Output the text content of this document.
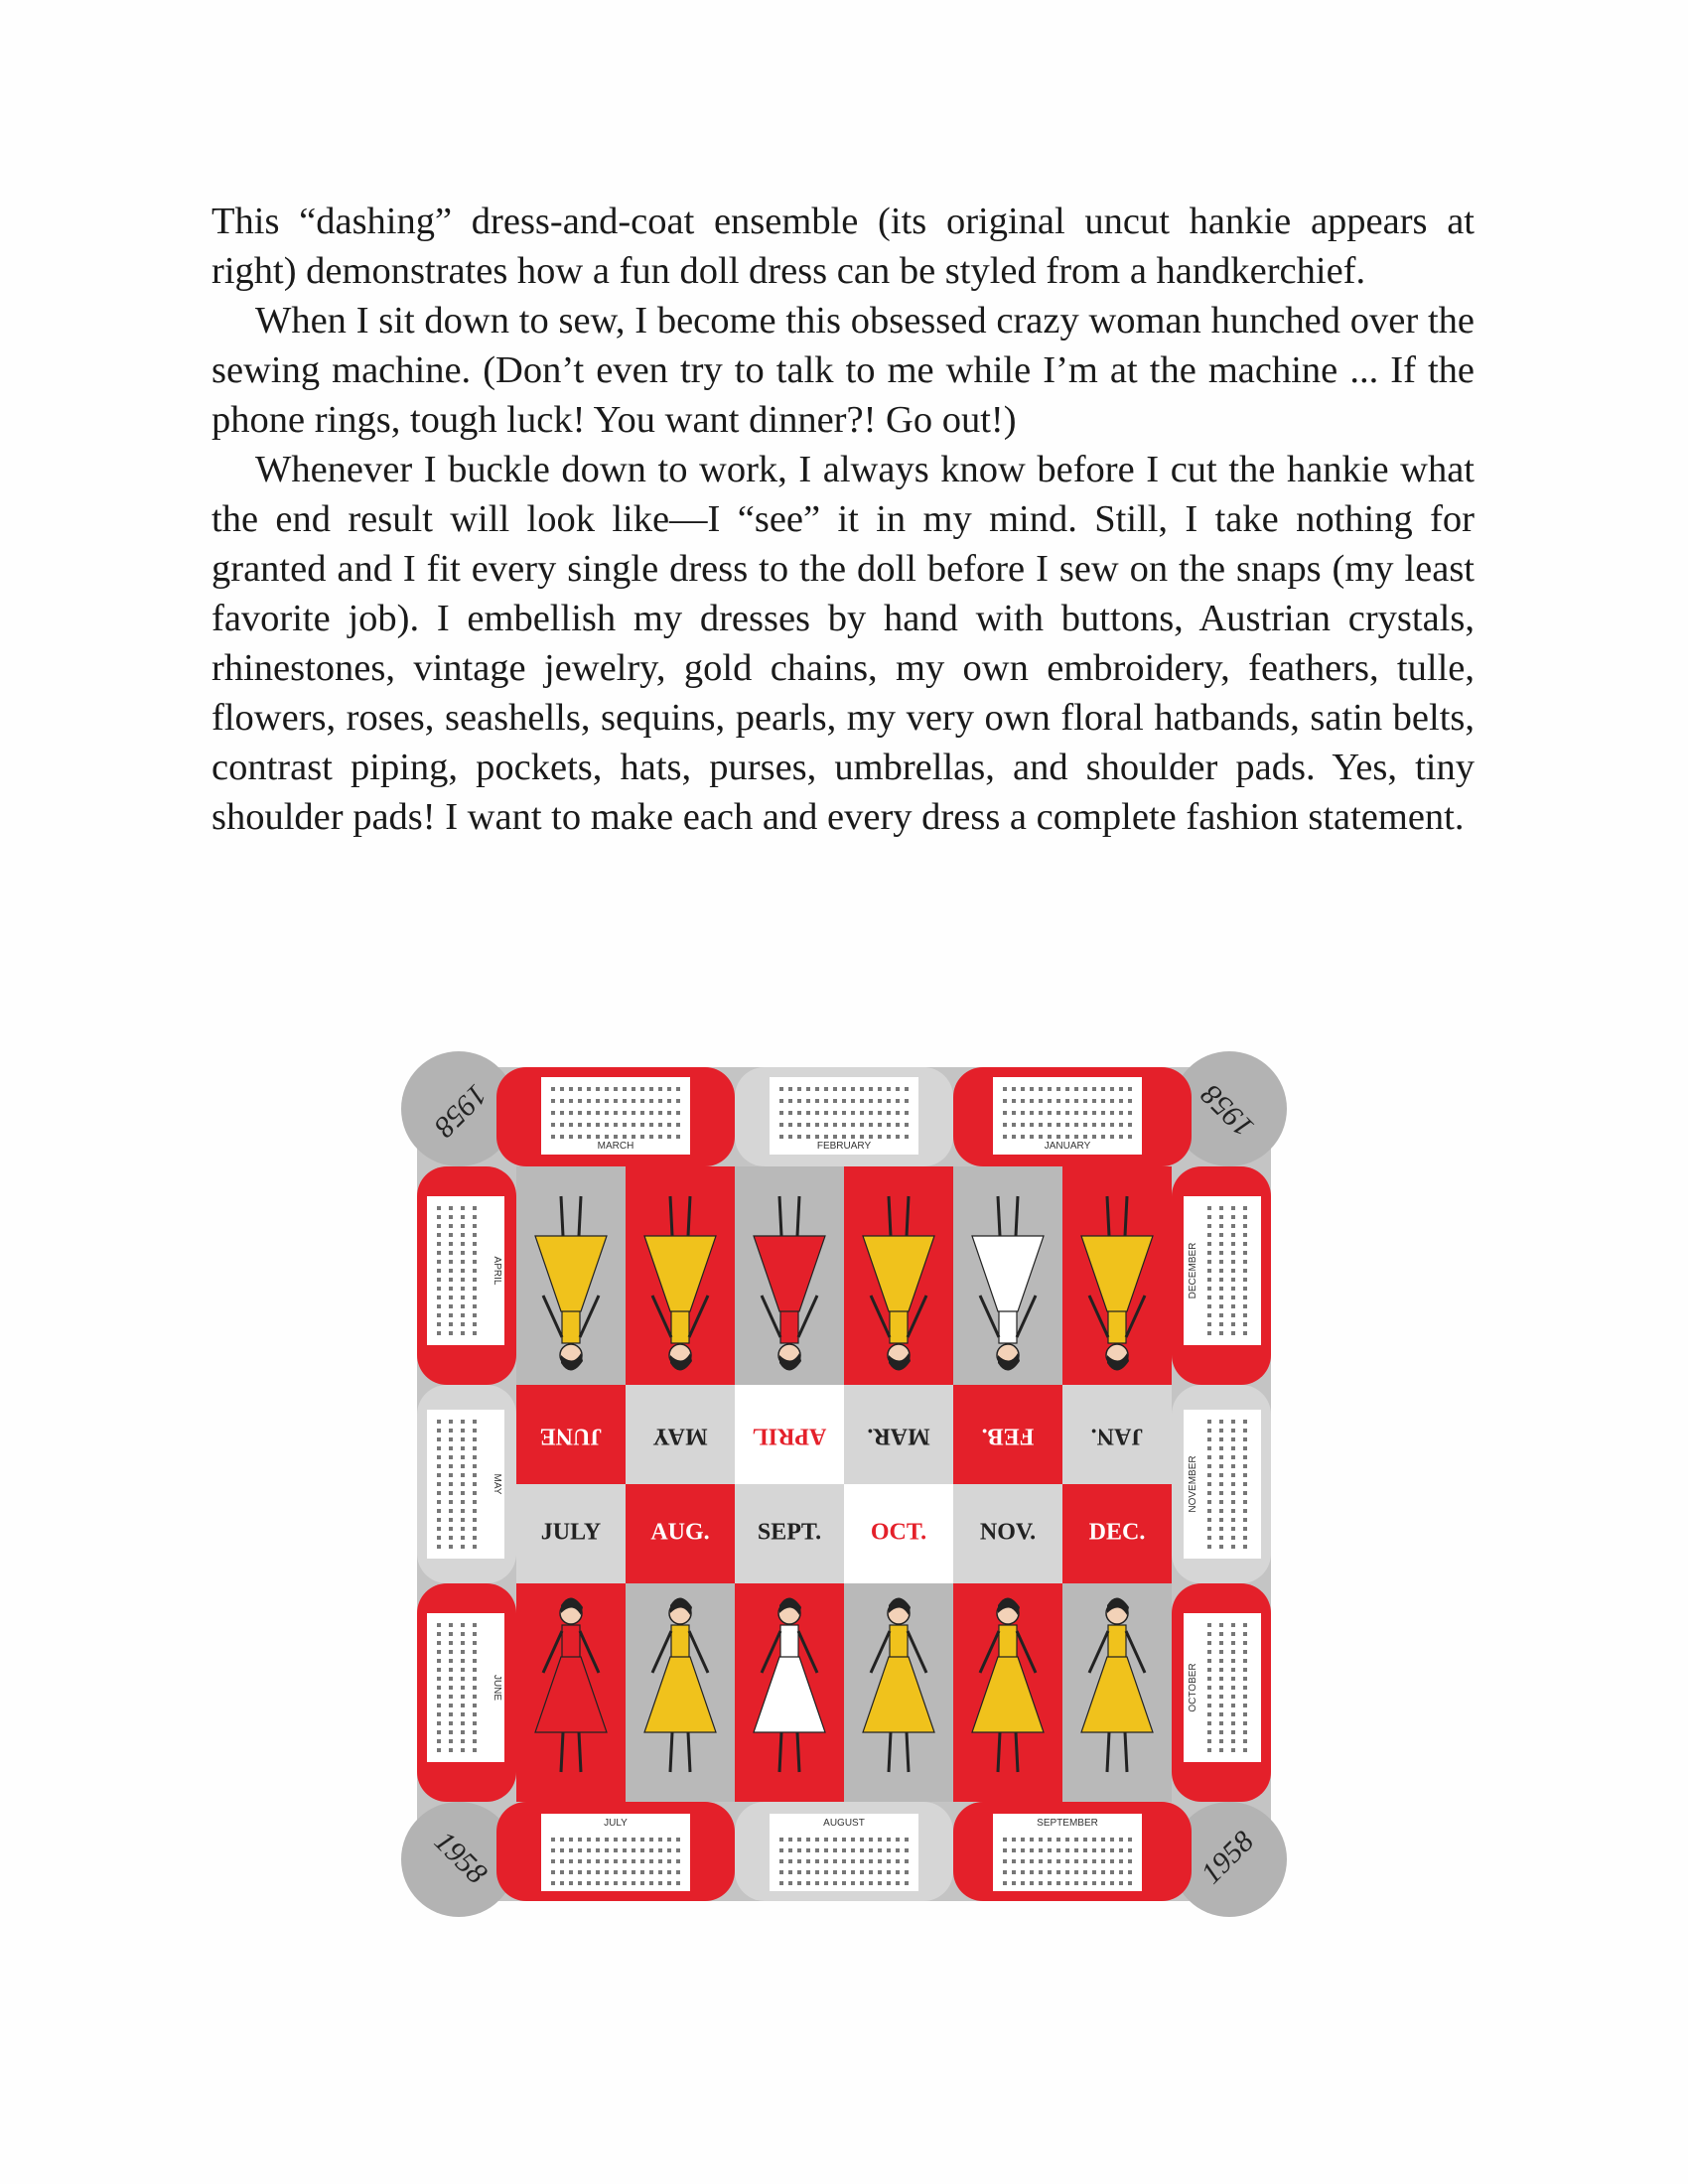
This “dashing” dress-and-coat ensemble (its original uncut hankie appears at right) demonstrates how a fun doll dress can be styled from a handkerchief.

When I sit down to sew, I become this obsessed crazy woman hunched over the sewing machine. (Don’t even try to talk to me while I’m at the machine ... If the phone rings, tough luck! You want dinner?! Go out!)

Whenever I buckle down to work, I always know before I cut the hankie what the end result will look like—I “see” it in my mind. Still, I take nothing for granted and I fit every single dress to the doll before I sew on the snaps (my least favorite job). I embellish my dresses by hand with buttons, Austrian crystals, rhinestones, vintage jewelry, gold chains, my own embroidery, feathers, tulle, flowers, roses, seashells, sequins, pearls, my very own floral hatbands, satin belts, contrast piping, pockets, hats, purses, umbrellas, and shoulder pads. Yes, tiny shoulder pads! I want to make each and every dress a complete fashion statement.

MARCH	FEBRUARY	JANUARY
JULY	AUGUST	SEPTEMBER
APRIL	DECEMBER
MAY	NOVEMBER
JUNE	OCTOBER
JUNE MAY APRIL MAR. FEB. JAN.
JULY AUG. SEPT. OCT. NOV. DEC.
1958	1958
1958	1958
